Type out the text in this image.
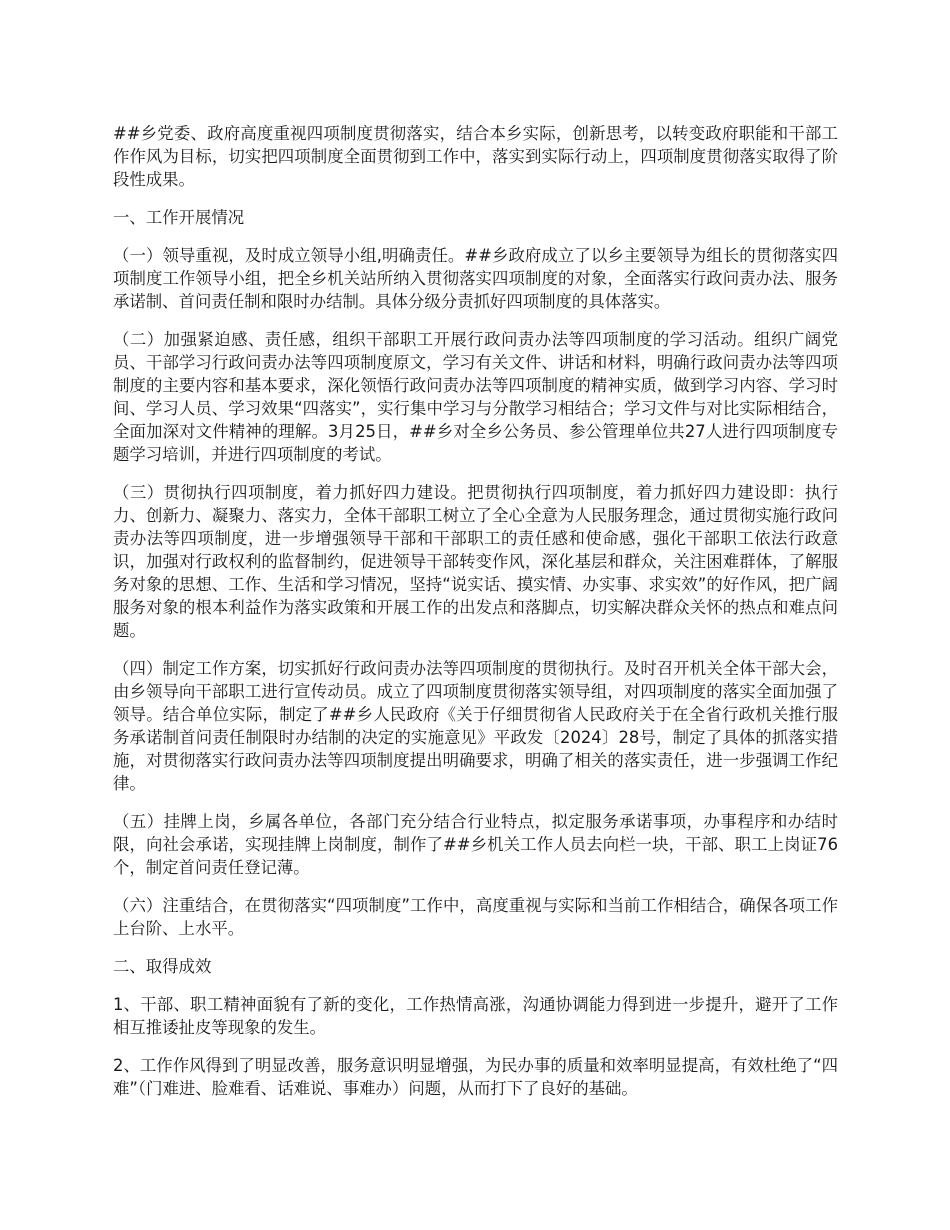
##乡党委、政府高度重视四项制度贯彻落实，结合本乡实际，创新思考，以转变政府职能和干部工作作风为目标，切实把四项制度全面贯彻到工作中，落实到实际行动上，四项制度贯彻落实取得了阶段性成果。

一、工作开展情况

（一）领导重视，及时成立领导小组,明确责任。##乡政府成立了以乡主要领导为组长的贯彻落实四项制度工作领导小组，把全乡机关站所纳入贯彻落实四项制度的对象，全面落实行政问责办法、服务承诺制、首问责任制和限时办结制。具体分级分责抓好四项制度的具体落实。

（二）加强紧迫感、责任感，组织干部职工开展行政问责办法等四项制度的学习活动。组织广阔党员、干部学习行政问责办法等四项制度原文，学习有关文件、讲话和材料，明确行政问责办法等四项制度的主要内容和基本要求，深化领悟行政问责办法等四项制度的精神实质，做到学习内容、学习时间、学习人员、学习效果“四落实”，实行集中学习与分散学习相结合；学习文件与对比实际相结合，全面加深对文件精神的理解。3月25日，##乡对全乡公务员、参公管理单位共27人进行四项制度专题学习培训，并进行四项制度的考试。

（三）贯彻执行四项制度，着力抓好四力建设。把贯彻执行四项制度，着力抓好四力建设即：执行力、创新力、凝聚力、落实力，全体干部职工树立了全心全意为人民服务理念，通过贯彻实施行政问责办法等四项制度，进一步增强领导干部和干部职工的责任感和使命感，强化干部职工依法行政意识，加强对行政权利的监督制约，促进领导干部转变作风，深化基层和群众，关注困难群体，了解服务对象的思想、工作、生活和学习情况，坚持“说实话、摸实情、办实事、求实效”的好作风，把广阔服务对象的根本利益作为落实政策和开展工作的出发点和落脚点，切实解决群众关怀的热点和难点问题。

（四）制定工作方案，切实抓好行政问责办法等四项制度的贯彻执行。及时召开机关全体干部大会，由乡领导向干部职工进行宣传动员。成立了四项制度贯彻落实领导组，对四项制度的落实全面加强了领导。结合单位实际，制定了##乡人民政府《关于仔细贯彻省人民政府关于在全省行政机关推行服务承诺制首问责任制限时办结制的决定的实施意见》平政发〔2024〕28号，制定了具体的抓落实措施，对贯彻落实行政问责办法等四项制度提出明确要求，明确了相关的落实责任，进一步强调工作纪律。

（五）挂牌上岗，乡属各单位，各部门充分结合行业特点，拟定服务承诺事项，办事程序和办结时限，向社会承诺，实现挂牌上岗制度，制作了##乡机关工作人员去向栏一块，干部、职工上岗证76个，制定首问责任登记薄。

（六）注重结合，在贯彻落实“四项制度”工作中，高度重视与实际和当前工作相结合，确保各项工作上台阶、上水平。

二、取得成效

1、干部、职工精神面貌有了新的变化，工作热情高涨，沟通协调能力得到进一步提升，避开了工作相互推诿扯皮等现象的发生。

2、工作作风得到了明显改善，服务意识明显增强，为民办事的质量和效率明显提高，有效杜绝了“四难”（门难进、脸难看、话难说、事难办）问题，从而打下了良好的基础。
